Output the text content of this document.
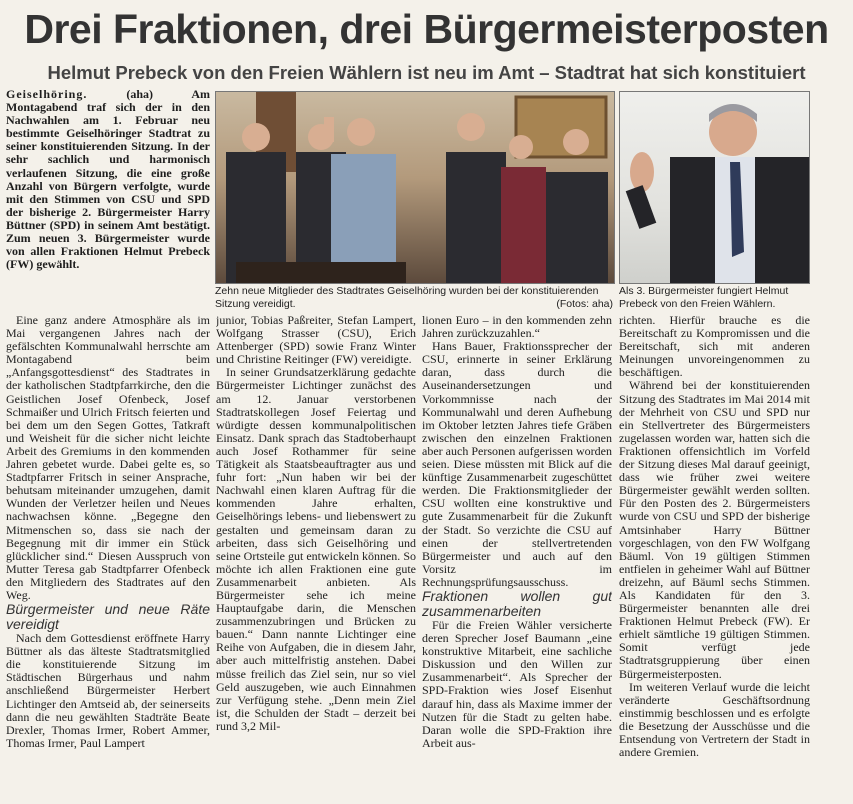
Drei Fraktionen, drei Bürgermeisterposten
Helmut Prebeck von den Freien Wählern ist neu im Amt – Stadtrat hat sich konstituiert

Geiselhöring. (aha) Am Montagabend traf sich der in den Nachwahlen am 1. Februar neu bestimmte Geiselhöringer Stadtrat zu seiner konstituierenden Sitzung. In der sehr sachlich und harmonisch verlaufenen Sitzung, die eine große Anzahl von Bürgern verfolgte, wurde mit den Stimmen von CSU und SPD der bisherige 2. Bürgermeister Harry Büttner (SPD) in seinem Amt bestätigt. Zum neuen 3. Bürgermeister wurde von allen Fraktionen Helmut Prebeck (FW) gewählt.

Zehn neue Mitglieder des Stadtrates Geiselhöring wurden bei der konstituierenden Sitzung vereidigt.	(Fotos: aha)
Als 3. Bürgermeister fungiert Helmut Prebeck von den Freien Wählern.

Eine ganz andere Atmosphäre als im Mai vergangenen Jahres nach der gefälschten Kommunalwahl herrschte am Montagabend beim „Anfangsgottesdienst“ des Stadtrates in der katholischen Stadtpfarrkirche, den die Geistlichen Josef Ofenbeck, Josef Schmaißer und Ulrich Fritsch feierten und bei dem um den Segen Gottes, Tatkraft und Weisheit für die sicher nicht leichte Arbeit des Gremiums in den kommenden Jahren gebetet wurde. Dabei gelte es, so Stadtpfarrer Fritsch in seiner Ansprache, behutsam miteinander umzugehen, damit Wunden der Verletzer heilen und Neues nachwachsen könne. „Begegne den Mitmenschen so, dass sie nach der Begegnung mit dir immer ein Stück glücklicher sind.“ Diesen Ausspruch von Mutter Teresa gab Stadtpfarrer Ofenbeck den Mitgliedern des Stadtrates auf den Weg.

Bürgermeister und neue Räte vereidigt

Nach dem Gottesdienst eröffnete Harry Büttner als das älteste Stadtratsmitglied die konstituierende Sitzung im Städtischen Bürgerhaus und nahm anschließend Bürgermeister Herbert Lichtinger den Amtseid ab, der seinerseits dann die neu gewählten Stadträte Beate Drexler, Thomas Irmer, Robert Ammer, Thomas Irmer, Paul Lampert

junior, Tobias Paßreiter, Stefan Lampert, Wolfgang Strasser (CSU), Erich Attenberger (SPD) sowie Franz Winter und Christine Reitinger (FW) vereidigte.

In seiner Grundsatzerklärung gedachte Bürgermeister Lichtinger zunächst des am 12. Januar verstorbenen Stadtratskollegen Josef Feiertag und würdigte dessen kommunalpolitischen Einsatz. Dank sprach das Stadtoberhaupt auch Josef Rothammer für seine Tätigkeit als Staatsbeauftragter aus und fuhr fort: „Nun haben wir bei der Nachwahl einen klaren Auftrag für die kommenden Jahre erhalten, Geiselhörings lebens- und liebenswert zu gestalten und gemeinsam daran zu arbeiten, dass sich Geiselhöring und seine Ortsteile gut entwickeln können. So möchte ich allen Fraktionen eine gute Zusammenarbeit anbieten. Als Bürgermeister sehe ich meine Hauptaufgabe darin, die Menschen zusammenzubringen und Brücken zu bauen.“ Dann nannte Lichtinger eine Reihe von Aufgaben, die in diesem Jahr, aber auch mittelfristig anstehen. Dabei müsse freilich das Ziel sein, nur so viel Geld auszugeben, wie auch Einnahmen zur Verfügung stehe. „Denn mein Ziel ist, die Schulden der Stadt – derzeit bei rund 3,2 Mil-

lionen Euro – in den kommenden zehn Jahren zurückzuzahlen.“

Hans Bauer, Fraktionssprecher der CSU, erinnerte in seiner Erklärung daran, dass durch die Auseinandersetzungen und Vorkommnisse nach der Kommunalwahl und deren Aufhebung im Oktober letzten Jahres tiefe Gräben zwischen den einzelnen Fraktionen aber auch Personen aufgerissen worden seien. Diese müssten mit Blick auf die künftige Zusammenarbeit zugeschüttet werden. Die Fraktionsmitglieder der CSU wollten eine konstruktive und gute Zusammenarbeit für die Zukunft der Stadt. So verzichte die CSU auf einen der stellvertretenden Bürgermeister und auch auf den Vorsitz im Rechnungsprüfungsausschuss.

Fraktionen wollen gut zusammenarbeiten

Für die Freien Wähler versicherte deren Sprecher Josef Baumann „eine konstruktive Mitarbeit, eine sachliche Diskussion und den Willen zur Zusammenarbeit“. Als Sprecher der SPD-Fraktion wies Josef Eisenhut darauf hin, dass als Maxime immer der Nutzen für die Stadt zu gelten habe. Daran wolle die SPD-Fraktion ihre Arbeit aus-

richten. Hierfür brauche es die Bereitschaft zu Kompromissen und die Bereitschaft, sich mit anderen Meinungen unvoreingenommen zu beschäftigen.

Während bei der konstituierenden Sitzung des Stadtrates im Mai 2014 mit der Mehrheit von CSU und SPD nur ein Stellvertreter des Bürgermeisters zugelassen worden war, hatten sich die Fraktionen offensichtlich im Vorfeld der Sitzung dieses Mal darauf geeinigt, dass wie früher zwei weitere Bürgermeister gewählt werden sollten. Für den Posten des 2. Bürgermeisters wurde von CSU und SPD der bisherige Amtsinhaber Harry Büttner vorgeschlagen, von den FW Wolfgang Bäuml. Von 19 gültigen Stimmen entfielen in geheimer Wahl auf Büttner dreizehn, auf Bäuml sechs Stimmen. Als Kandidaten für den 3. Bürgermeister benannten alle drei Fraktionen Helmut Prebeck (FW). Er erhielt sämtliche 19 gültigen Stimmen. Somit verfügt jede Stadtratsgruppierung über einen Bürgermeisterposten.

Im weiteren Verlauf wurde die leicht veränderte Geschäftsordnung einstimmig beschlossen und es erfolgte die Besetzung der Ausschüsse und die Entsendung von Vertretern der Stadt in andere Gremien.
